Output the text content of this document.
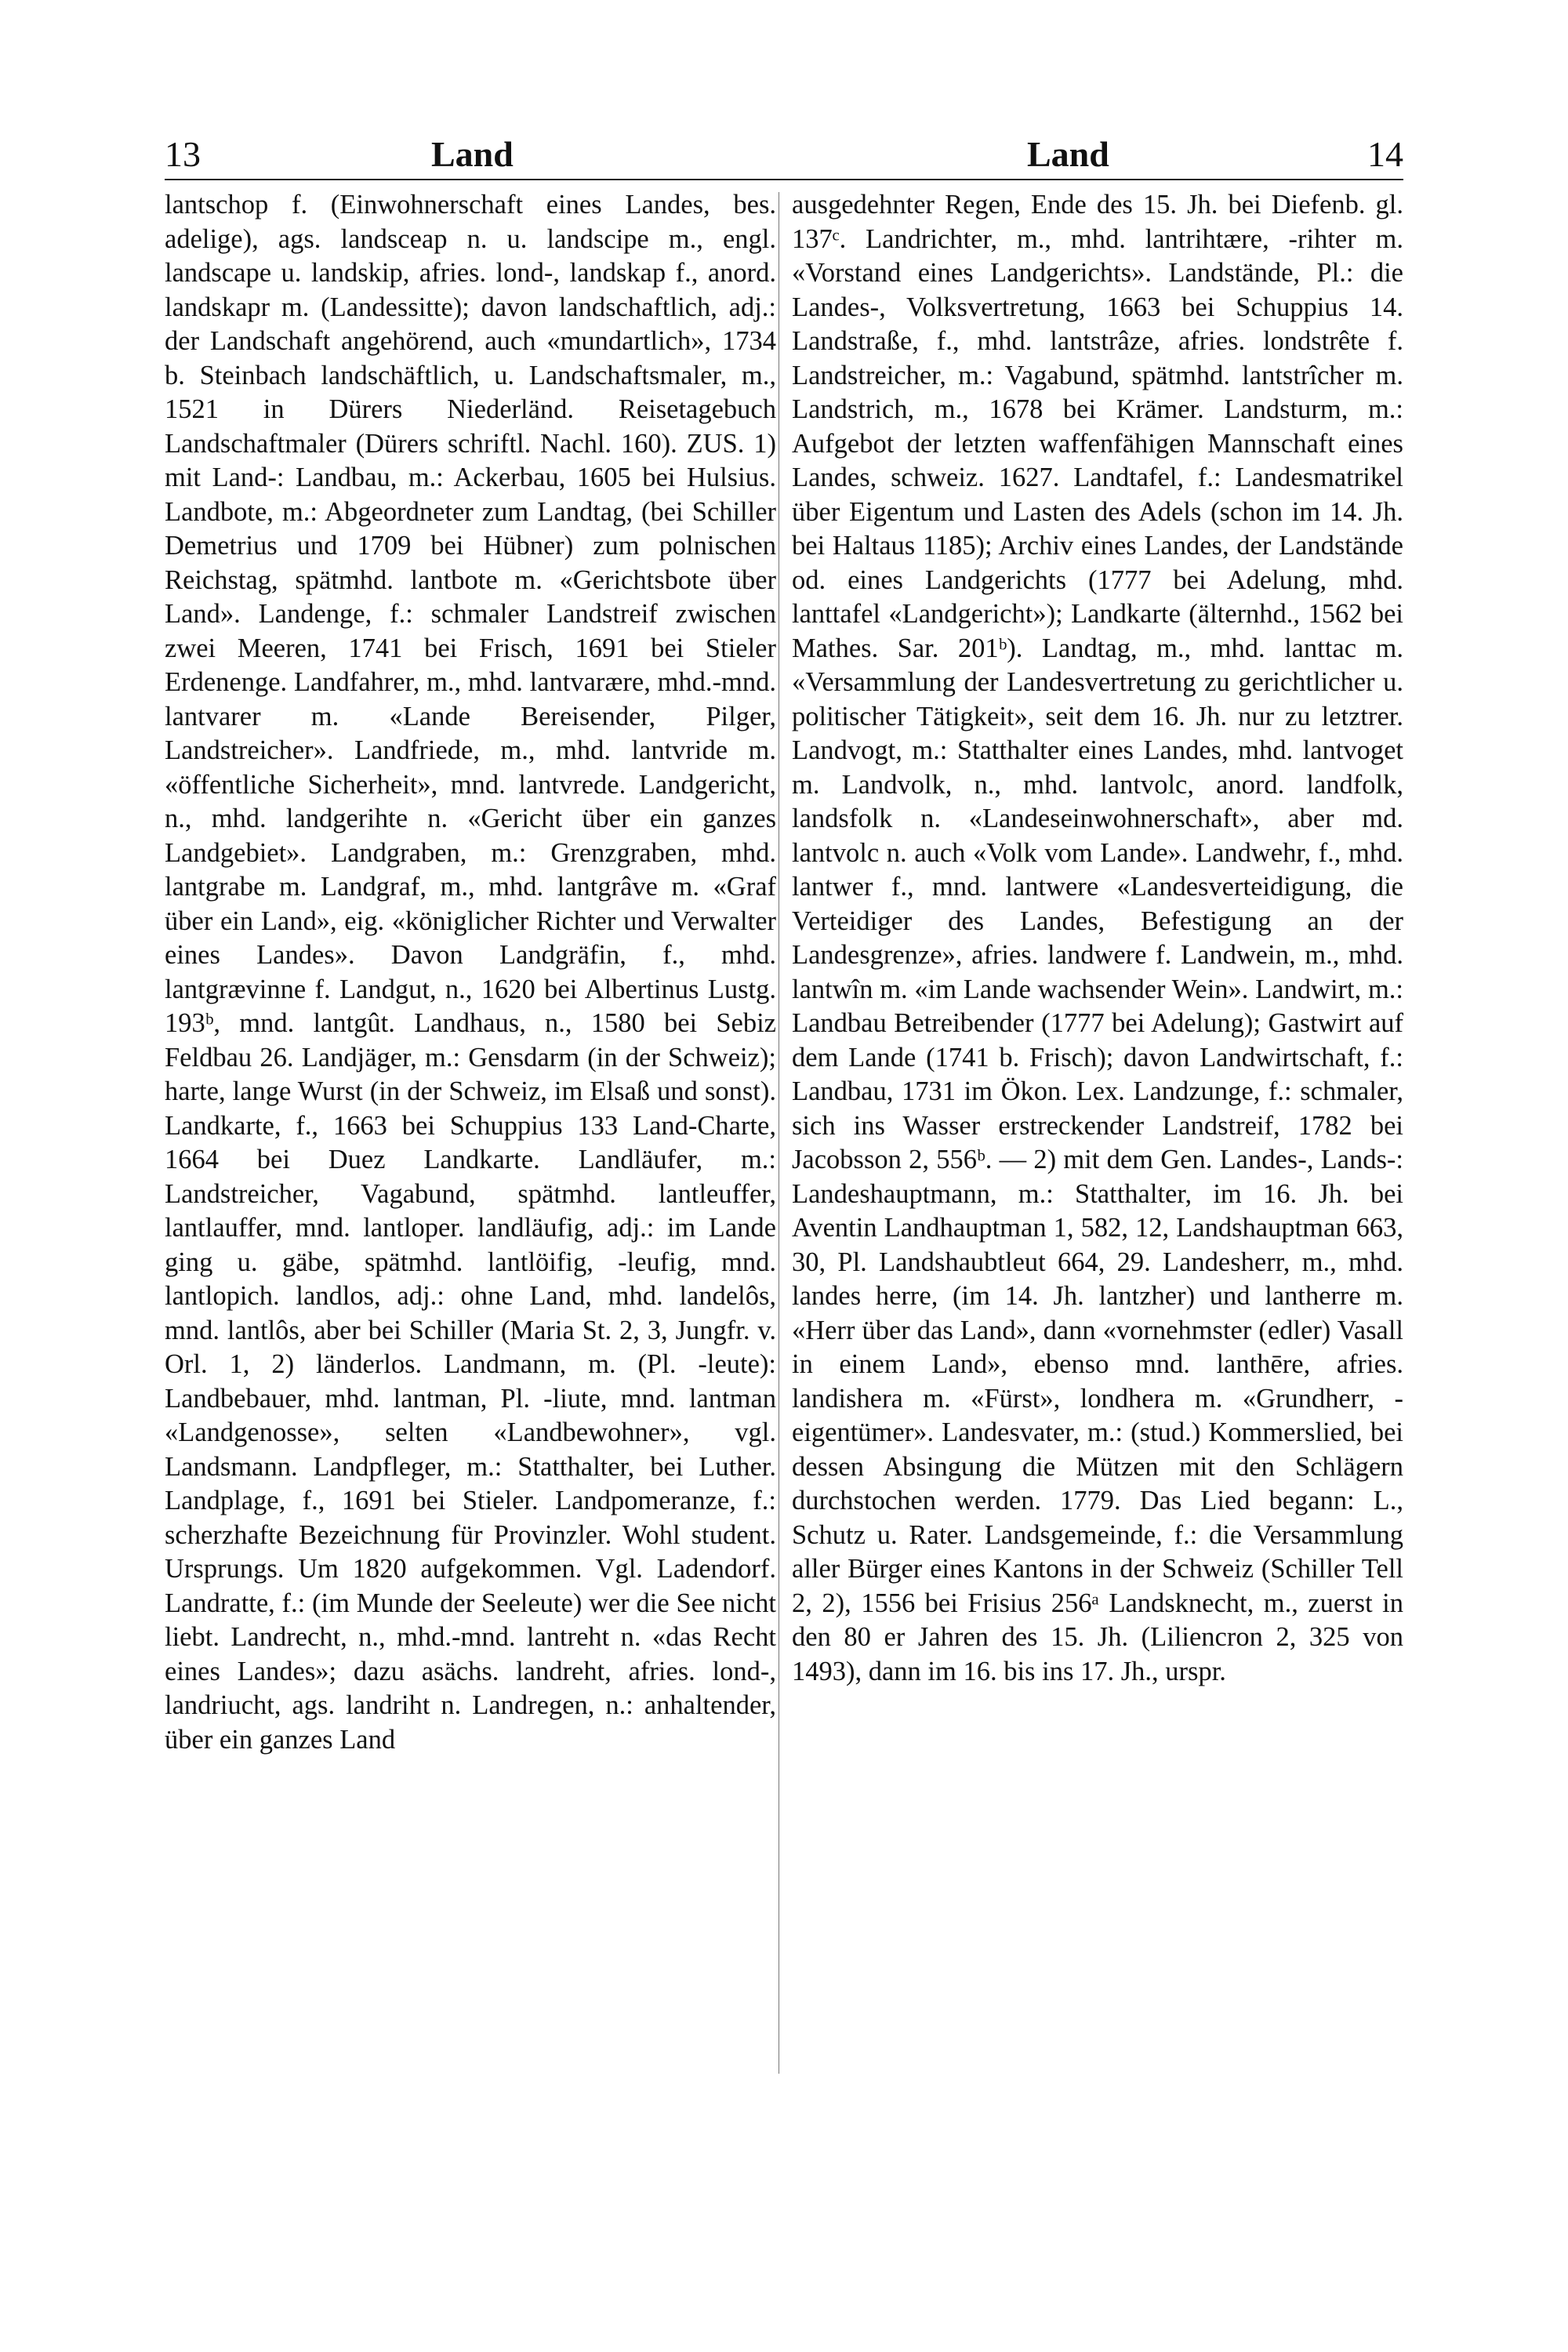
13	Land	Land	14

lantschop f. (Einwohnerschaft eines Landes, bes. adelige), ags. landsceap n. u. landscipe m., engl. landscape u. landskip, afries. lond-, landskap f., anord. landskapr m. (Landessitte); davon landschaftlich, adj.: der Landschaft angehörend, auch «mundartlich», 1734 b. Steinbach landschäftlich, u. Landschaftsmaler, m., 1521 in Dürers Niederländ. Reisetagebuch Landschaftmaler (Dürers schriftl. Nachl. 160). ZUS. 1) mit Land-: Landbau, m.: Ackerbau, 1605 bei Hulsius. Landbote, m.: Abgeordneter zum Landtag, (bei Schiller Demetrius und 1709 bei Hübner) zum polnischen Reichstag, spätmhd. lantbote m. «Gerichtsbote über Land». Landenge, f.: schmaler Landstreif zwischen zwei Meeren, 1741 bei Frisch, 1691 bei Stieler Erdenenge. Landfahrer, m., mhd. lantvarære, mhd.-mnd. lantvarer m. «Lande Bereisender, Pilger, Landstreicher». Landfriede, m., mhd. lantvride m. «öffentliche Sicherheit», mnd. lantvrede. Landgericht, n., mhd. landgerihte n. «Gericht über ein ganzes Landgebiet». Landgraben, m.: Grenzgraben, mhd. lantgrabe m. Landgraf, m., mhd. lantgrâve m. «Graf über ein Land», eig. «königlicher Richter und Verwalter eines Landes». Davon Landgräfin, f., mhd. lantgrævinne f. Landgut, n., 1620 bei Albertinus Lustg. 193ᵇ, mnd. lantgût. Landhaus, n., 1580 bei Sebiz Feldbau 26. Landjäger, m.: Gensdarm (in der Schweiz); harte, lange Wurst (in der Schweiz, im Elsaß und sonst). Landkarte, f., 1663 bei Schuppius 133 Land-Charte, 1664 bei Duez Landkarte. Landläufer, m.: Landstreicher, Vagabund, spätmhd. lantleuffer, lantlauffer, mnd. lantloper. landläufig, adj.: im Lande ging u. gäbe, spätmhd. lantlöifig, -leufig, mnd. lantlopich. landlos, adj.: ohne Land, mhd. landelôs, mnd. lantlôs, aber bei Schiller (Maria St. 2, 3, Jungfr. v. Orl. 1, 2) länderlos. Landmann, m. (Pl. -leute): Landbebauer, mhd. lantman, Pl. -liute, mnd. lantman «Landgenosse», selten «Landbewohner», vgl. Landsmann. Landpfleger, m.: Statthalter, bei Luther. Landplage, f., 1691 bei Stieler. Landpomeranze, f.: scherzhafte Bezeichnung für Provinzler. Wohl student. Ursprungs. Um 1820 aufgekommen. Vgl. Ladendorf. Landratte, f.: (im Munde der Seeleute) wer die See nicht liebt. Landrecht, n., mhd.-mnd. lantreht n. «das Recht eines Landes»; dazu asächs. landreht, afries. lond-, landriucht, ags. landriht n. Landregen, n.: anhaltender, über ein ganzes Land

ausgedehnter Regen, Ende des 15. Jh. bei Diefenb. gl. 137ᶜ. Landrichter, m., mhd. lantrihtære, -rihter m. «Vorstand eines Landgerichts». Landstände, Pl.: die Landes-, Volksvertretung, 1663 bei Schuppius 14. Landstraße, f., mhd. lantstrâze, afries. londstrête f. Landstreicher, m.: Vagabund, spätmhd. lantstrîcher m. Landstrich, m., 1678 bei Krämer. Landsturm, m.: Aufgebot der letzten waffenfähigen Mannschaft eines Landes, schweiz. 1627. Landtafel, f.: Landesmatrikel über Eigentum und Lasten des Adels (schon im 14. Jh. bei Haltaus 1185); Archiv eines Landes, der Landstände od. eines Landgerichts (1777 bei Adelung, mhd. lanttafel «Landgericht»); Landkarte (älternhd., 1562 bei Mathes. Sar. 201ᵇ). Landtag, m., mhd. lanttac m. «Versammlung der Landesvertretung zu gerichtlicher u. politischer Tätigkeit», seit dem 16. Jh. nur zu letztrer. Landvogt, m.: Statthalter eines Landes, mhd. lantvoget m. Landvolk, n., mhd. lantvolc, anord. landfolk, landsfolk n. «Landeseinwohnerschaft», aber md. lantvolc n. auch «Volk vom Lande». Landwehr, f., mhd. lantwer f., mnd. lantwere «Landesverteidigung, die Verteidiger des Landes, Befestigung an der Landesgrenze», afries. landwere f. Landwein, m., mhd. lantwîn m. «im Lande wachsender Wein». Landwirt, m.: Landbau Betreibender (1777 bei Adelung); Gastwirt auf dem Lande (1741 b. Frisch); davon Landwirtschaft, f.: Landbau, 1731 im Ökon. Lex. Landzunge, f.: schmaler, sich ins Wasser erstreckender Landstreif, 1782 bei Jacobsson 2, 556ᵇ. — 2) mit dem Gen. Landes-, Lands-: Landeshauptmann, m.: Statthalter, im 16. Jh. bei Aventin Landhauptman 1, 582, 12, Landshauptman 663, 30, Pl. Landshaubtleut 664, 29. Landesherr, m., mhd. landes herre, (im 14. Jh. lantzher) und lantherre m. «Herr über das Land», dann «vornehmster (edler) Vasall in einem Land», ebenso mnd. lanthēre, afries. landishera m. «Fürst», londhera m. «Grundherr, -eigentümer». Landesvater, m.: (stud.) Kommerslied, bei dessen Absingung die Mützen mit den Schlägern durchstochen werden. 1779. Das Lied begann: L., Schutz u. Rater. Landsgemeinde, f.: die Versammlung aller Bürger eines Kantons in der Schweiz (Schiller Tell 2, 2), 1556 bei Frisius 256ᵃ Landsknecht, m., zuerst in den 80 er Jahren des 15. Jh. (Liliencron 2, 325 von 1493), dann im 16. bis ins 17. Jh., urspr.
